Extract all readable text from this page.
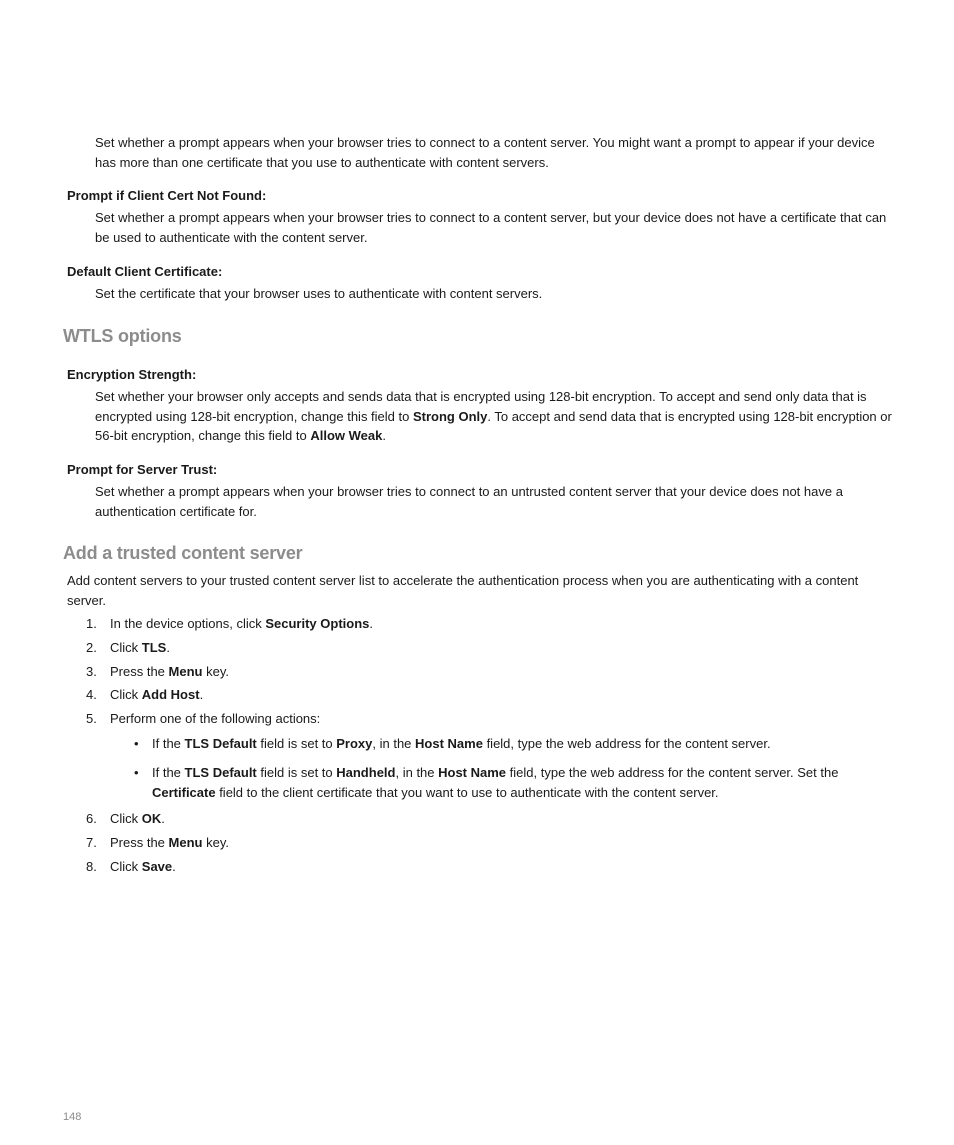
Set whether a prompt appears when your browser tries to connect to a content server. You might want a prompt to appear if your device has more than one certificate that you use to authenticate with content servers.

Prompt if Client Cert Not Found:

Set whether a prompt appears when your browser tries to connect to a content server, but your device does not have a certificate that can be used to authenticate with the content server.

Default Client Certificate:

Set the certificate that your browser uses to authenticate with content servers.

WTLS options

Encryption Strength:

Set whether your browser only accepts and sends data that is encrypted using 128-bit encryption. To accept and send only data that is encrypted using 128-bit encryption, change this field to Strong Only. To accept and send data that is encrypted using 128-bit encryption or 56-bit encryption, change this field to Allow Weak.

Prompt for Server Trust:

Set whether a prompt appears when your browser tries to connect to an untrusted content server that your device does not have a authentication certificate for.

Add a trusted content server

Add content servers to your trusted content server list to accelerate the authentication process when you are authenticating with a content server.

1. In the device options, click Security Options.

2. Click TLS.

3. Press the Menu key.

4. Click Add Host.

5. Perform one of the following actions:

• If the TLS Default field is set to Proxy, in the Host Name field, type the web address for the content server.

• If the TLS Default field is set to Handheld, in the Host Name field, type the web address for the content server. Set the Certificate field to the client certificate that you want to use to authenticate with the content server.

6. Click OK.

7. Press the Menu key.

8. Click Save.

148
